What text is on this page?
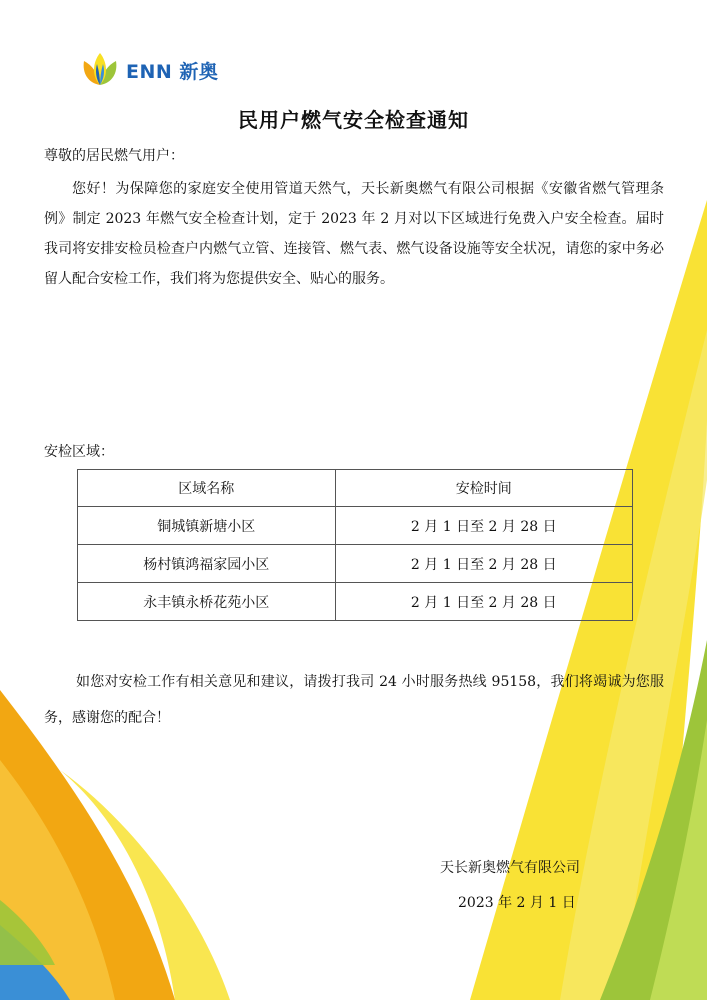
ENN 新奥
民用户燃气安全检查通知
尊敬的居民燃气用户：
您好！为保障您的家庭安全使用管道天然气，天长新奥燃气有限公司根据《安徽省燃气管理条例》制定 2023 年燃气安全检查计划，定于 2023 年 2 月对以下区域进行免费入户安全检查。届时我司将安排安检员检查户内燃气立管、连接管、燃气表、燃气设备设施等安全状况，请您的家中务必留人配合安检工作，我们将为您提供安全、贴心的服务。
安检区域：
区域名称	安检时间
铜城镇新塘小区	2 月 1 日至 2 月 28 日
杨村镇鸿福家园小区	2 月 1 日至 2 月 28 日
永丰镇永桥花苑小区	2 月 1 日至 2 月 28 日
如您对安检工作有相关意见和建议，请拨打我司 24 小时服务热线 95158，我们将竭诚为您服务，感谢您的配合！
天长新奥燃气有限公司
2023 年 2 月 1 日
